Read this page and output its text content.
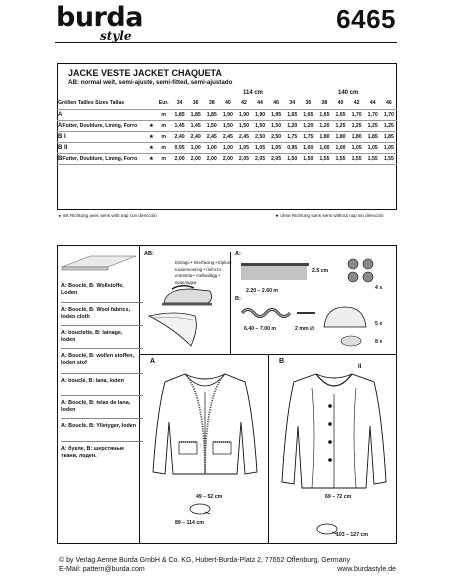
burda
style
6465
JACKE VESTE JACKET CHAQUETA
AB: normal weit, semi-ajusté, semi-fitted, semi-ajustado
114 cm	140 cm
Größen Tailles Sizes Tallas		Eur.	34	36	38	40	42	44	46	34	36	38	40	42	44	46
A		m	1,85	1,85	1,85	1,90	1,90	1,90	1,95	1,65	1,65	1,65	1,65	1,70	1,70	1,70
AFutter, Doublure, Lining, Forro	★	m	1,45	1,45	1,50	1,50	1,50	1,50	1,50	1,20	1,20	1,20	1,25	1,25	1,25	1,25
B I	★	m	2,40	2,40	2,45	2,45	2,45	2,50	2,50	1,75	1,75	1,80	1,80	1,80	1,85	1,85
B II	★	m	0,95	1,00	1,00	1,00	1,05	1,05	1,05	0,95	1,00	1,00	1,00	1,05	1,05	1,05
BFutter, Doublure, Lining, Forro	★	m	2,00	2,00	2,00	2,00	2,05	2,05	2,05	1,50	1,50	1,55	1,55	1,55	1,55	1,55
▸ mit Richtung avec sens with nap con dirección	★ ohne Richtung sans sens without nap sin dirección
A: Bouclé, B: Wollstoffe, Loden
A: Bouclé, B: Wool fabrics, loden cloth
A: bouclette, B: lainage, loden
A: Bouclé, B: wollen stoffen, loden stof
A: bouclé, B: lana, loden
A: Bouclé, B: telas de lana, loden
A: Bouclé, B: Ylletyger, loden
A: букле, B: шерстяные ткани, лоден.
AB:
Einlage • Interfacing • triplure
tussenvoering • rinforzo
entretela • mellanlägg •
прокладка
A:
2.5 cm
2.20 – 2.60 m
B:
6.40 – 7.00 m	2 mm ∅
4 x
5 x
8 x
A
49 – 52 cm
89 – 114 cm
B
II
69 – 72 cm
103 – 127 cm
© by Verlag Aenne Burda GmbH & Co. KG, Hubert-Burda-Platz 2, 77652 Offenburg, Germany
E-Mail: pattern@burda.com	www.burdastyle.de
